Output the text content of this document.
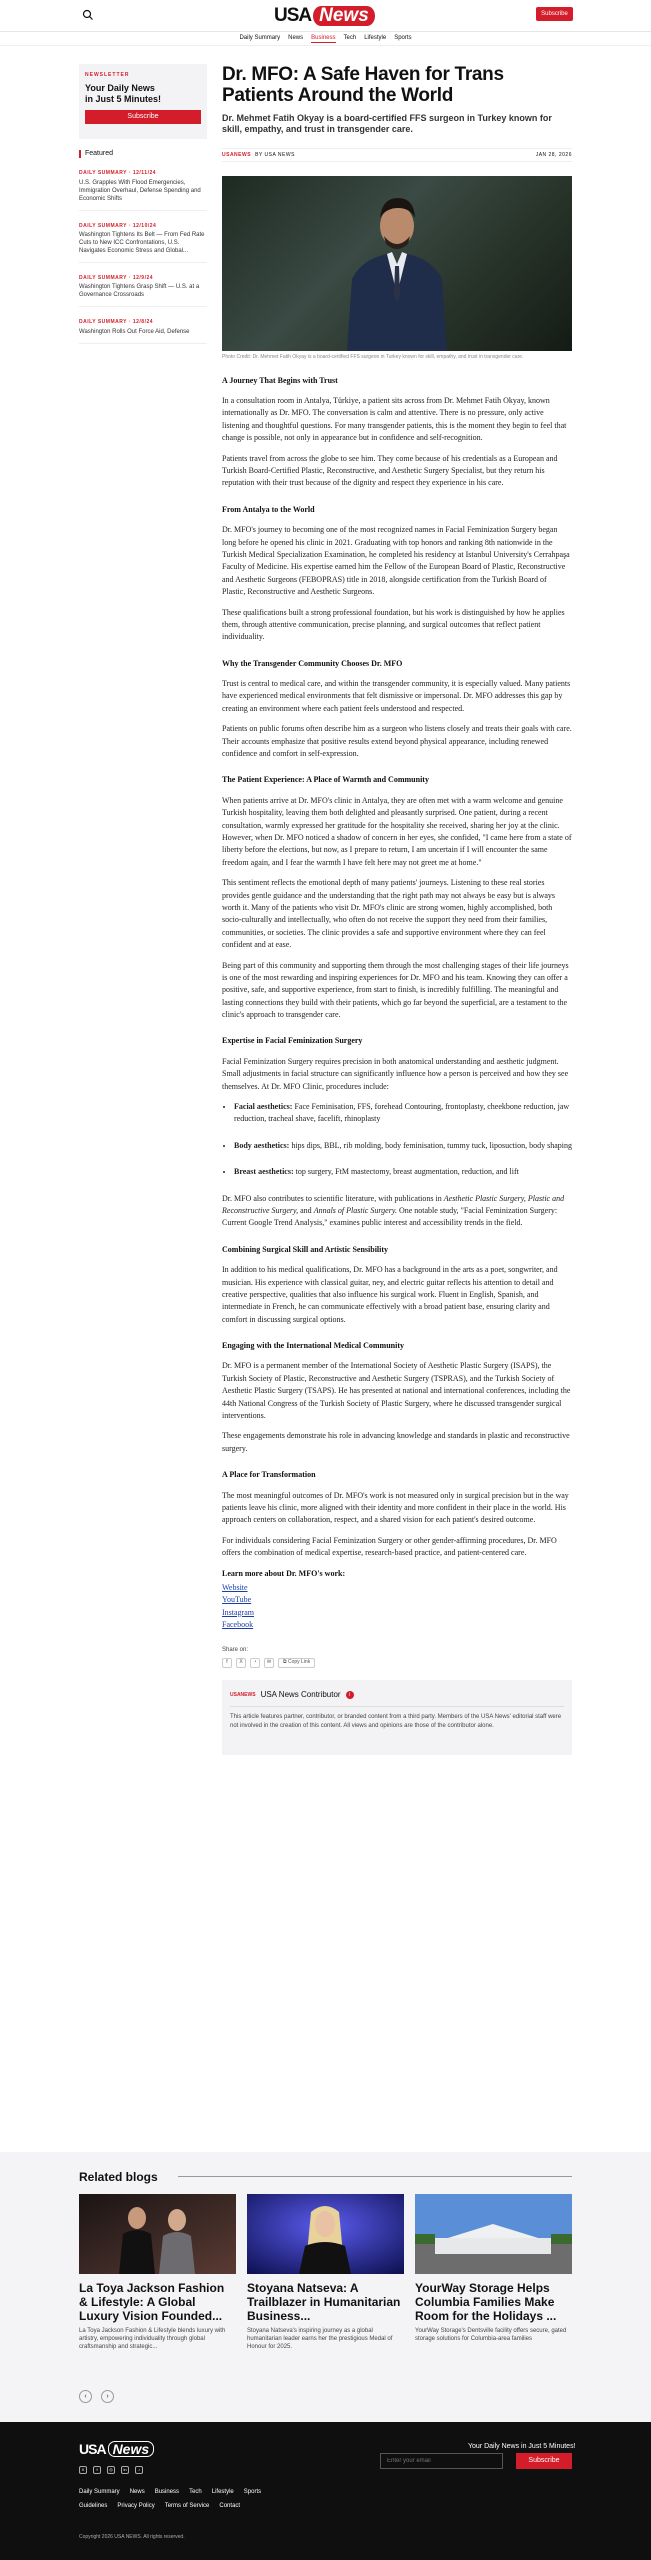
USA News	Subscribe
Daily Summary News Business Tech Lifestyle Sports
NEWSLETTER
Your Daily News
in Just 5 Minutes!
Subscribe
Featured
DAILY SUMMARY · 12/11/24
U.S. Grapples With Flood Emergencies, Immigration Overhaul, Defense Spending and Economic Shifts
DAILY SUMMARY · 12/10/24
Washington Tightens Its Belt — From Fed Rate Cuts to New ICC Confrontations, U.S. Navigates Economic Stress and Global...
DAILY SUMMARY · 12/9/24
Washington Tightens Grasp Shift — U.S. at a Governance Crossroads
DAILY SUMMARY · 12/8/24
Washington Rolls Out Force Aid, Defense
Dr. MFO: A Safe Haven for Trans Patients Around the World
Dr. Mehmet Fatih Okyay is a board-certified FFS surgeon in Turkey known for skill, empathy, and trust in transgender care.
USANEWS BY USA NEWS	JAN 28, 2026
Photo Credit: Dr. Mehmet Fatih Okyay is a board-certified FFS surgeon in Turkey known for skill, empathy, and trust in transgender care.
A Journey That Begins with Trust

In a consultation room in Antalya, Türkiye, a patient sits across from Dr. Mehmet Fatih Okyay, known internationally as Dr. MFO. The conversation is calm and attentive. There is no pressure, only active listening and thoughtful questions. For many transgender patients, this is the moment they begin to feel that change is possible, not only in appearance but in confidence and self-recognition.

Patients travel from across the globe to see him. They come because of his credentials as a European and Turkish Board-Certified Plastic, Reconstructive, and Aesthetic Surgery Specialist, but they return his reputation with their trust because of the dignity and respect they experience in his care.

From Antalya to the World

Dr. MFO's journey to becoming one of the most recognized names in Facial Feminization Surgery began long before he opened his clinic in 2021. Graduating with top honors and ranking 8th nationwide in the Turkish Medical Specialization Examination, he completed his residency at Istanbul University's Cerrahpaşa Faculty of Medicine. His expertise earned him the Fellow of the European Board of Plastic, Reconstructive and Aesthetic Surgeons (FEBOPRAS) title in 2018, alongside certification from the Turkish Board of Plastic, Reconstructive and Aesthetic Surgeons.

These qualifications built a strong professional foundation, but his work is distinguished by how he applies them, through attentive communication, precise planning, and surgical outcomes that reflect patient individuality.

Why the Transgender Community Chooses Dr. MFO

Trust is central to medical care, and within the transgender community, it is especially valued. Many patients have experienced medical environments that felt dismissive or impersonal. Dr. MFO addresses this gap by creating an environment where each patient feels understood and respected.

Patients on public forums often describe him as a surgeon who listens closely and treats their goals with care. Their accounts emphasize that positive results extend beyond physical appearance, including renewed confidence and comfort in self-expression.

The Patient Experience: A Place of Warmth and Community

When patients arrive at Dr. MFO's clinic in Antalya, they are often met with a warm welcome and genuine Turkish hospitality, leaving them both delighted and pleasantly surprised. One patient, during a recent consultation, warmly expressed her gratitude for the hospitality she received, sharing her joy at the clinic. However, when Dr. MFO noticed a shadow of concern in her eyes, she confided, "I came here from a state of liberty before the elections, but now, as I prepare to return, I am uncertain if I will encounter the same freedom again, and I fear the warmth I have felt here may not greet me at home."

This sentiment reflects the emotional depth of many patients' journeys. Listening to these real stories provides gentle guidance and the understanding that the right path may not always be easy but is always worth it. Many of the patients who visit Dr. MFO's clinic are strong women, highly accomplished, both socio-culturally and intellectually, who often do not receive the support they need from their families, communities, or societies. The clinic provides a safe and supportive environment where they can feel confident and at ease.

Being part of this community and supporting them through the most challenging stages of their life journeys is one of the most rewarding and inspiring experiences for Dr. MFO and his team. Knowing they can offer a positive, safe, and supportive experience, from start to finish, is incredibly fulfilling. The meaningful and lasting connections they build with their patients, which go far beyond the superficial, are a testament to the clinic's approach to transgender care.

Expertise in Facial Feminization Surgery

Facial Feminization Surgery requires precision in both anatomical understanding and aesthetic judgment. Small adjustments in facial structure can significantly influence how a person is perceived and how they see themselves. At Dr. MFO Clinic, procedures include:

• Facial aesthetics: Face Feminisation, FFS, forehead Contouring, frontoplasty, cheekbone reduction, jaw reduction, tracheal shave, facelift, rhinoplasty
• Body aesthetics: hips dips, BBL, rib molding, body feminisation, tummy tuck, liposuction, body shaping
• Breast aesthetics: top surgery, FtM mastectomy, breast augmentation, reduction, and lift

Dr. MFO also contributes to scientific literature, with publications in Aesthetic Plastic Surgery, Plastic and Reconstructive Surgery, and Annals of Plastic Surgery. One notable study, "Facial Feminization Surgery: Current Google Trend Analysis," examines public interest and accessibility trends in the field.

Combining Surgical Skill and Artistic Sensibility

In addition to his medical qualifications, Dr. MFO has a background in the arts as a poet, songwriter, and musician. His experience with classical guitar, ney, and electric guitar reflects his attention to detail and creative perspective, qualities that also influence his surgical work. Fluent in English, Spanish, and intermediate in French, he can communicate effectively with a broad patient base, ensuring clarity and comfort in discussing surgical options.

Engaging with the International Medical Community

Dr. MFO is a permanent member of the International Society of Aesthetic Plastic Surgery (ISAPS), the Turkish Society of Plastic, Reconstructive and Aesthetic Surgery (TSPRAS), and the Turkish Society of Aesthetic Plastic Surgery (TSAPS). He has presented at national and international conferences, including the 44th National Congress of the Turkish Society of Plastic Surgery, where he discussed transgender surgical interventions.

These engagements demonstrate his role in advancing knowledge and standards in plastic and reconstructive surgery.

A Place for Transformation

The most meaningful outcomes of Dr. MFO's work is not measured only in surgical precision but in the way patients leave his clinic, more aligned with their identity and more confident in their place in the world. His approach centers on collaboration, respect, and a shared vision for each patient's desired outcome.

For individuals considering Facial Feminization Surgery or other gender-affirming procedures, Dr. MFO offers the combination of medical expertise, research-based practice, and patient-centered care.

Learn more about Dr. MFO's work:
Website
YouTube
Instagram
Facebook
Share on:
f	X	◔	✉	⧉ Copy Link
USANEWS USA News Contributor	i

This article features partner, contributor, or branded content from a third party. Members of the USA News' editorial staff were not involved in the creation of this content. All views and opinions are those of the contributor alone.

Related blogs
La Toya Jackson Fashion & Lifestyle: A Global Luxury Vision Founded...
La Toya Jackson Fashion & Lifestyle blends luxury with artistry, empowering individuality through global craftsmanship and strategic...
Stoyana Natseva: A Trailblazer in Humanitarian Business...
Stoyana Natseva's inspiring journey as a global humanitarian leader earns her the prestigious Medal of Honour for 2025.
YourWay Storage Helps Columbia Families Make Room for the Holidays ...
YourWay Storage's Dentsville facility offers secure, gated storage solutions for Columbia-area families
‹	›
USA News
X	f	◎	in	♪
Daily Summary News Business Tech Lifestyle Sports
Guidelines Privacy Policy Terms of Service Contact
Copyright 2026 USA NEWS. All rights reserved.
Your Daily News in Just 5 Minutes!
Enter your email
Subscribe
